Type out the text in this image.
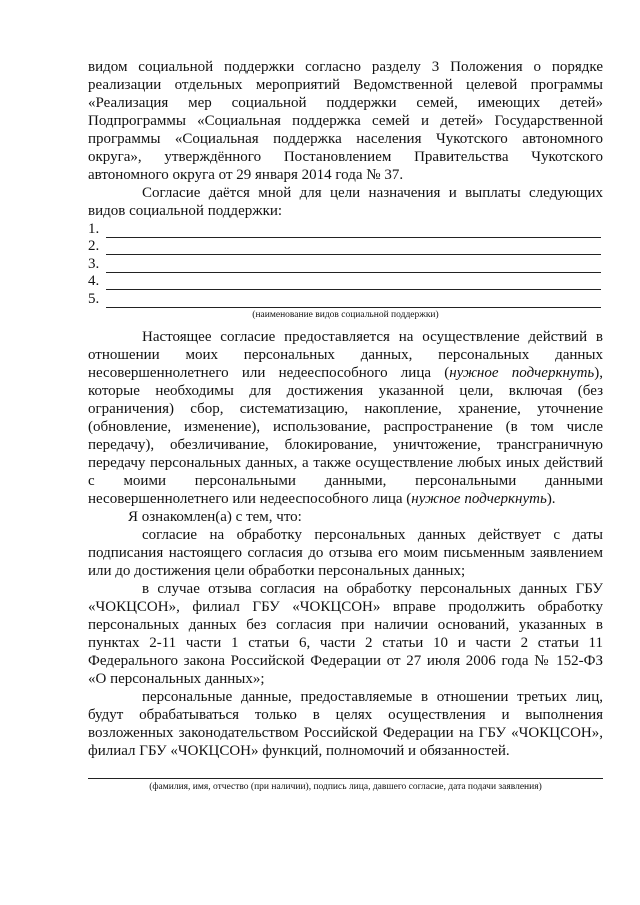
видом социальной поддержки согласно разделу 3 Положения о порядке реализации отдельных мероприятий Ведомственной целевой программы «Реализация мер социальной поддержки семей, имеющих детей» Подпрограммы «Социальная поддержка семей и детей» Государственной программы «Социальная поддержка населения Чукотского автономного округа», утверждённого Постановлением Правительства Чукотского автономного округа от 29 января 2014 года № 37.

Согласие даётся мной для цели назначения и выплаты следующих видов социальной поддержки:

1.
2.
3.
4.
5.
(наименование видов социальной поддержки)

Настоящее согласие предоставляется на осуществление действий в отношении моих персональных данных, персональных данных несовершеннолетнего или недееспособного лица (нужное подчеркнуть), которые необходимы для достижения указанной цели, включая (без ограничения) сбор, систематизацию, накопление, хранение, уточнение (обновление, изменение), использование, распространение (в том числе передачу), обезличивание, блокирование, уничтожение, трансграничную передачу персональных данных, а также осуществление любых иных действий с моими персональными данными, персональными данными несовершеннолетнего или недееспособного лица (нужное подчеркнуть).

Я ознакомлен(а) с тем, что:

согласие на обработку персональных данных действует с даты подписания настоящего согласия до отзыва его моим письменным заявлением или до достижения цели обработки персональных данных;

в случае отзыва согласия на обработку персональных данных ГБУ «ЧОКЦСОН», филиал ГБУ «ЧОКЦСОН» вправе продолжить обработку персональных данных без согласия при наличии оснований, указанных в пунктах 2-11 части 1 статьи 6, части 2 статьи 10 и части 2 статьи 11 Федерального закона Российской Федерации от 27 июля 2006 года № 152-ФЗ «О персональных данных»;

персональные данные, предоставляемые в отношении третьих лиц, будут обрабатываться только в целях осуществления и выполнения возложенных законодательством Российской Федерации на ГБУ «ЧОКЦСОН», филиал ГБУ «ЧОКЦСОН» функций, полномочий и обязанностей.

(фамилия, имя, отчество (при наличии), подпись лица, давшего согласие, дата подачи заявления)
